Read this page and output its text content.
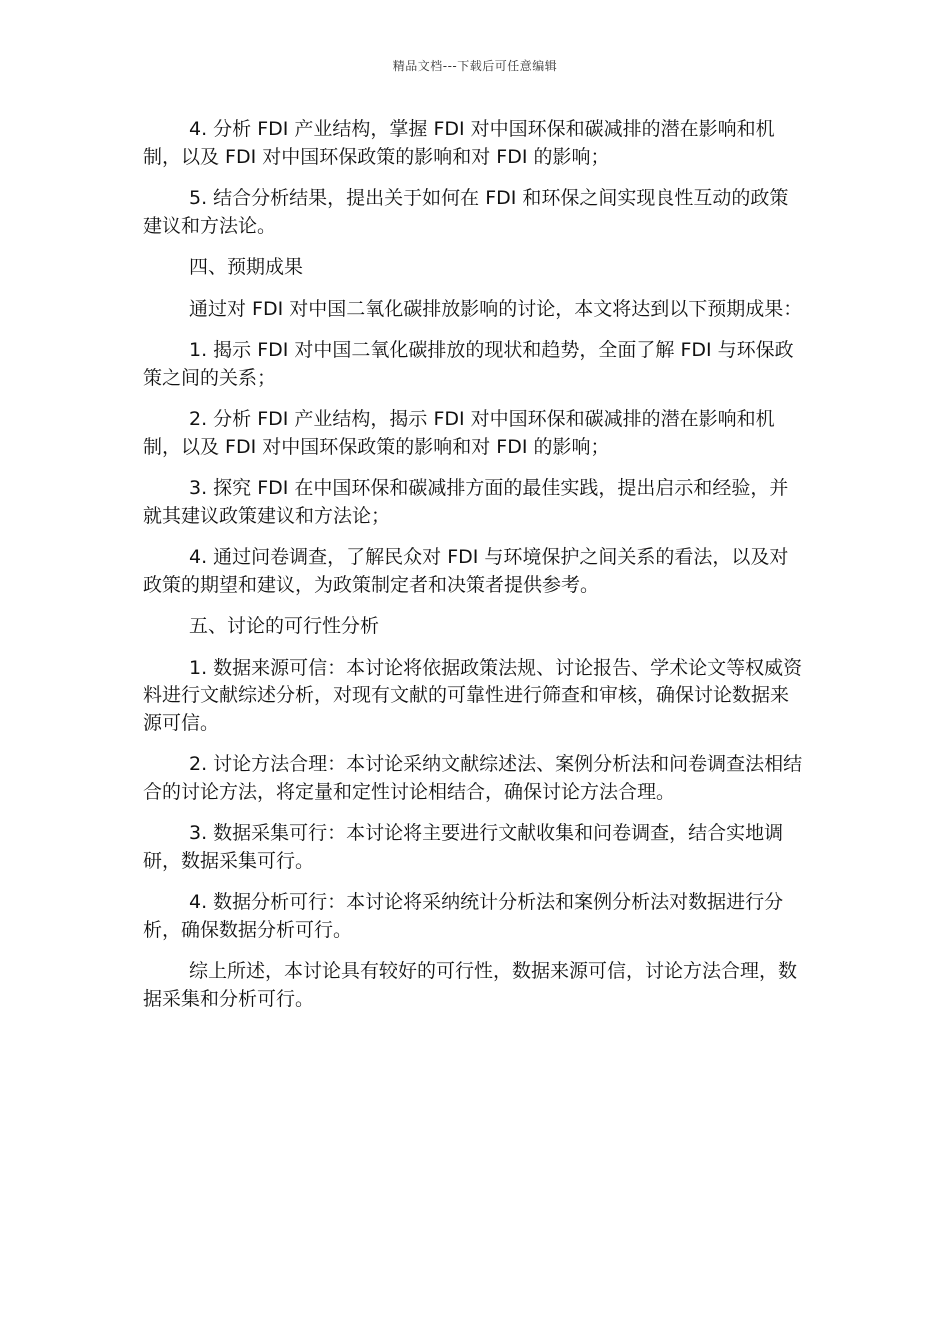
精品文档---下载后可任意编辑

4. 分析 FDI 产业结构，掌握 FDI 对中国环保和碳减排的潜在影响和机制，以及 FDI 对中国环保政策的影响和对 FDI 的影响；

5. 结合分析结果，提出关于如何在 FDI 和环保之间实现良性互动的政策建议和方法论。

四、预期成果

通过对 FDI 对中国二氧化碳排放影响的讨论，本文将达到以下预期成果：

1. 揭示 FDI 对中国二氧化碳排放的现状和趋势，全面了解 FDI 与环保政策之间的关系；

2. 分析 FDI 产业结构，揭示 FDI 对中国环保和碳减排的潜在影响和机制，以及 FDI 对中国环保政策的影响和对 FDI 的影响；

3. 探究 FDI 在中国环保和碳减排方面的最佳实践，提出启示和经验，并就其建议政策建议和方法论；

4. 通过问卷调查，了解民众对 FDI 与环境保护之间关系的看法，以及对政策的期望和建议，为政策制定者和决策者提供参考。

五、讨论的可行性分析

1. 数据来源可信：本讨论将依据政策法规、讨论报告、学术论文等权威资料进行文献综述分析，对现有文献的可靠性进行筛查和审核，确保讨论数据来源可信。

2. 讨论方法合理：本讨论采纳文献综述法、案例分析法和问卷调查法相结合的讨论方法，将定量和定性讨论相结合，确保讨论方法合理。

3. 数据采集可行：本讨论将主要进行文献收集和问卷调查，结合实地调研，数据采集可行。

4. 数据分析可行：本讨论将采纳统计分析法和案例分析法对数据进行分析，确保数据分析可行。

综上所述，本讨论具有较好的可行性，数据来源可信，讨论方法合理，数据采集和分析可行。
